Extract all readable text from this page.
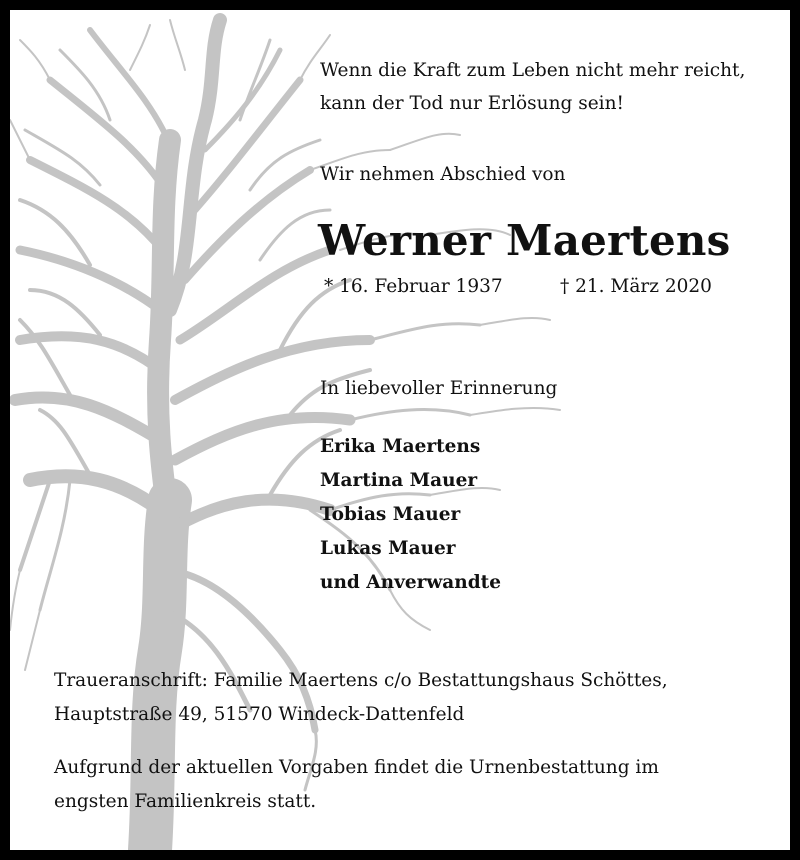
Wenn die Kraft zum Leben nicht mehr reicht,
kann der Tod nur Erlösung sein!
Wir nehmen Abschied von
Werner Maertens
* 16. Februar 1937	† 21. März 2020
In liebevoller Erinnerung
Erika Maertens
Martina Mauer
Tobias Mauer
Lukas Mauer
und Anverwandte
Traueranschrift: Familie Maertens c/o Bestattungshaus Schöttes,
Hauptstraße 49, 51570 Windeck-Dattenfeld
Aufgrund der aktuellen Vorgaben findet die Urnenbestattung im
engsten Familienkreis statt.
